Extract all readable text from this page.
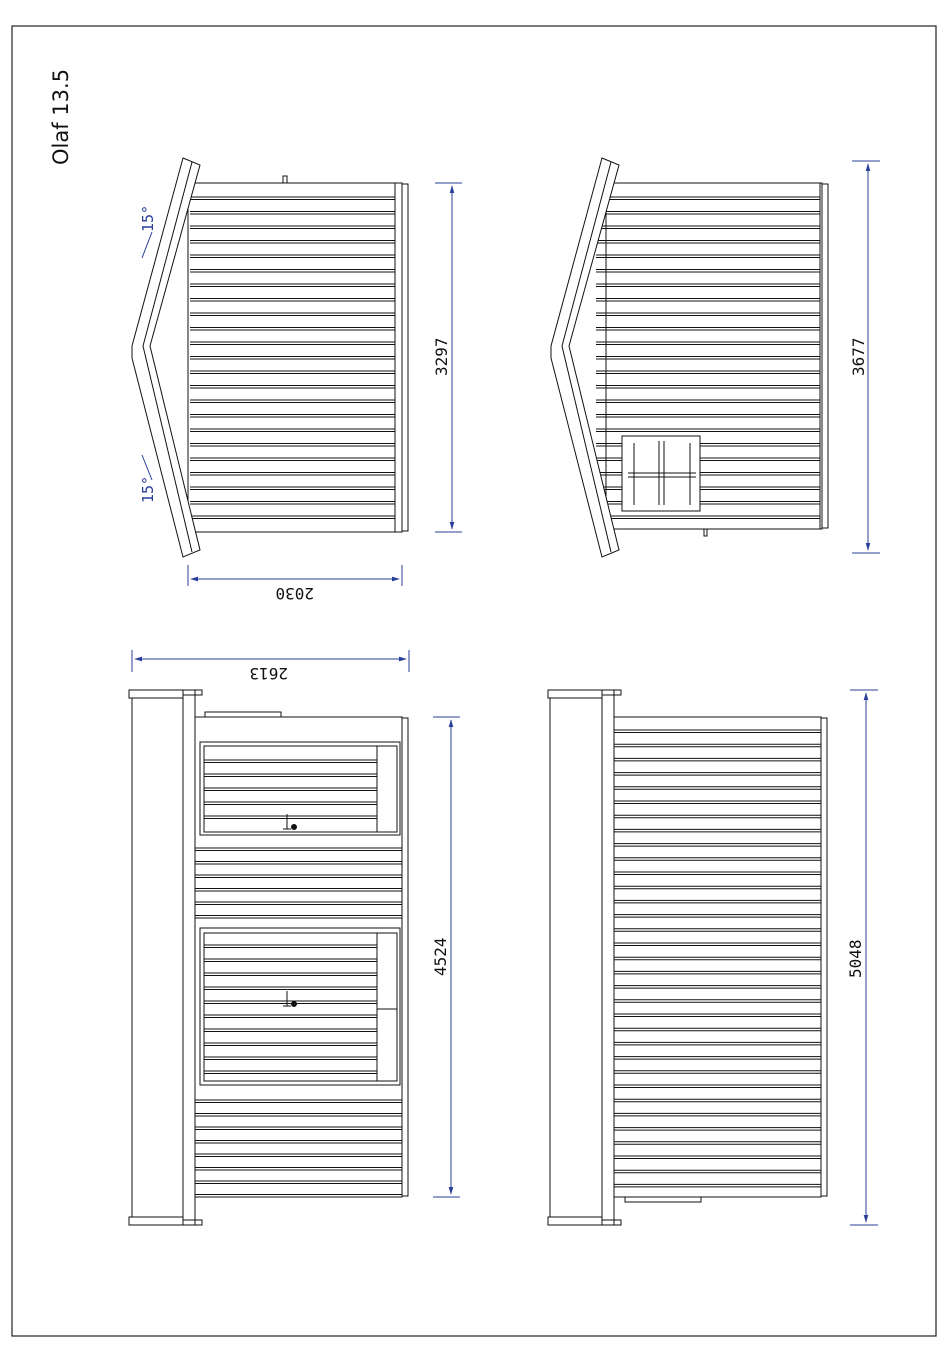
Olaf 13.5
15°
15°
3297
2030
3677
2613
4524	5048
